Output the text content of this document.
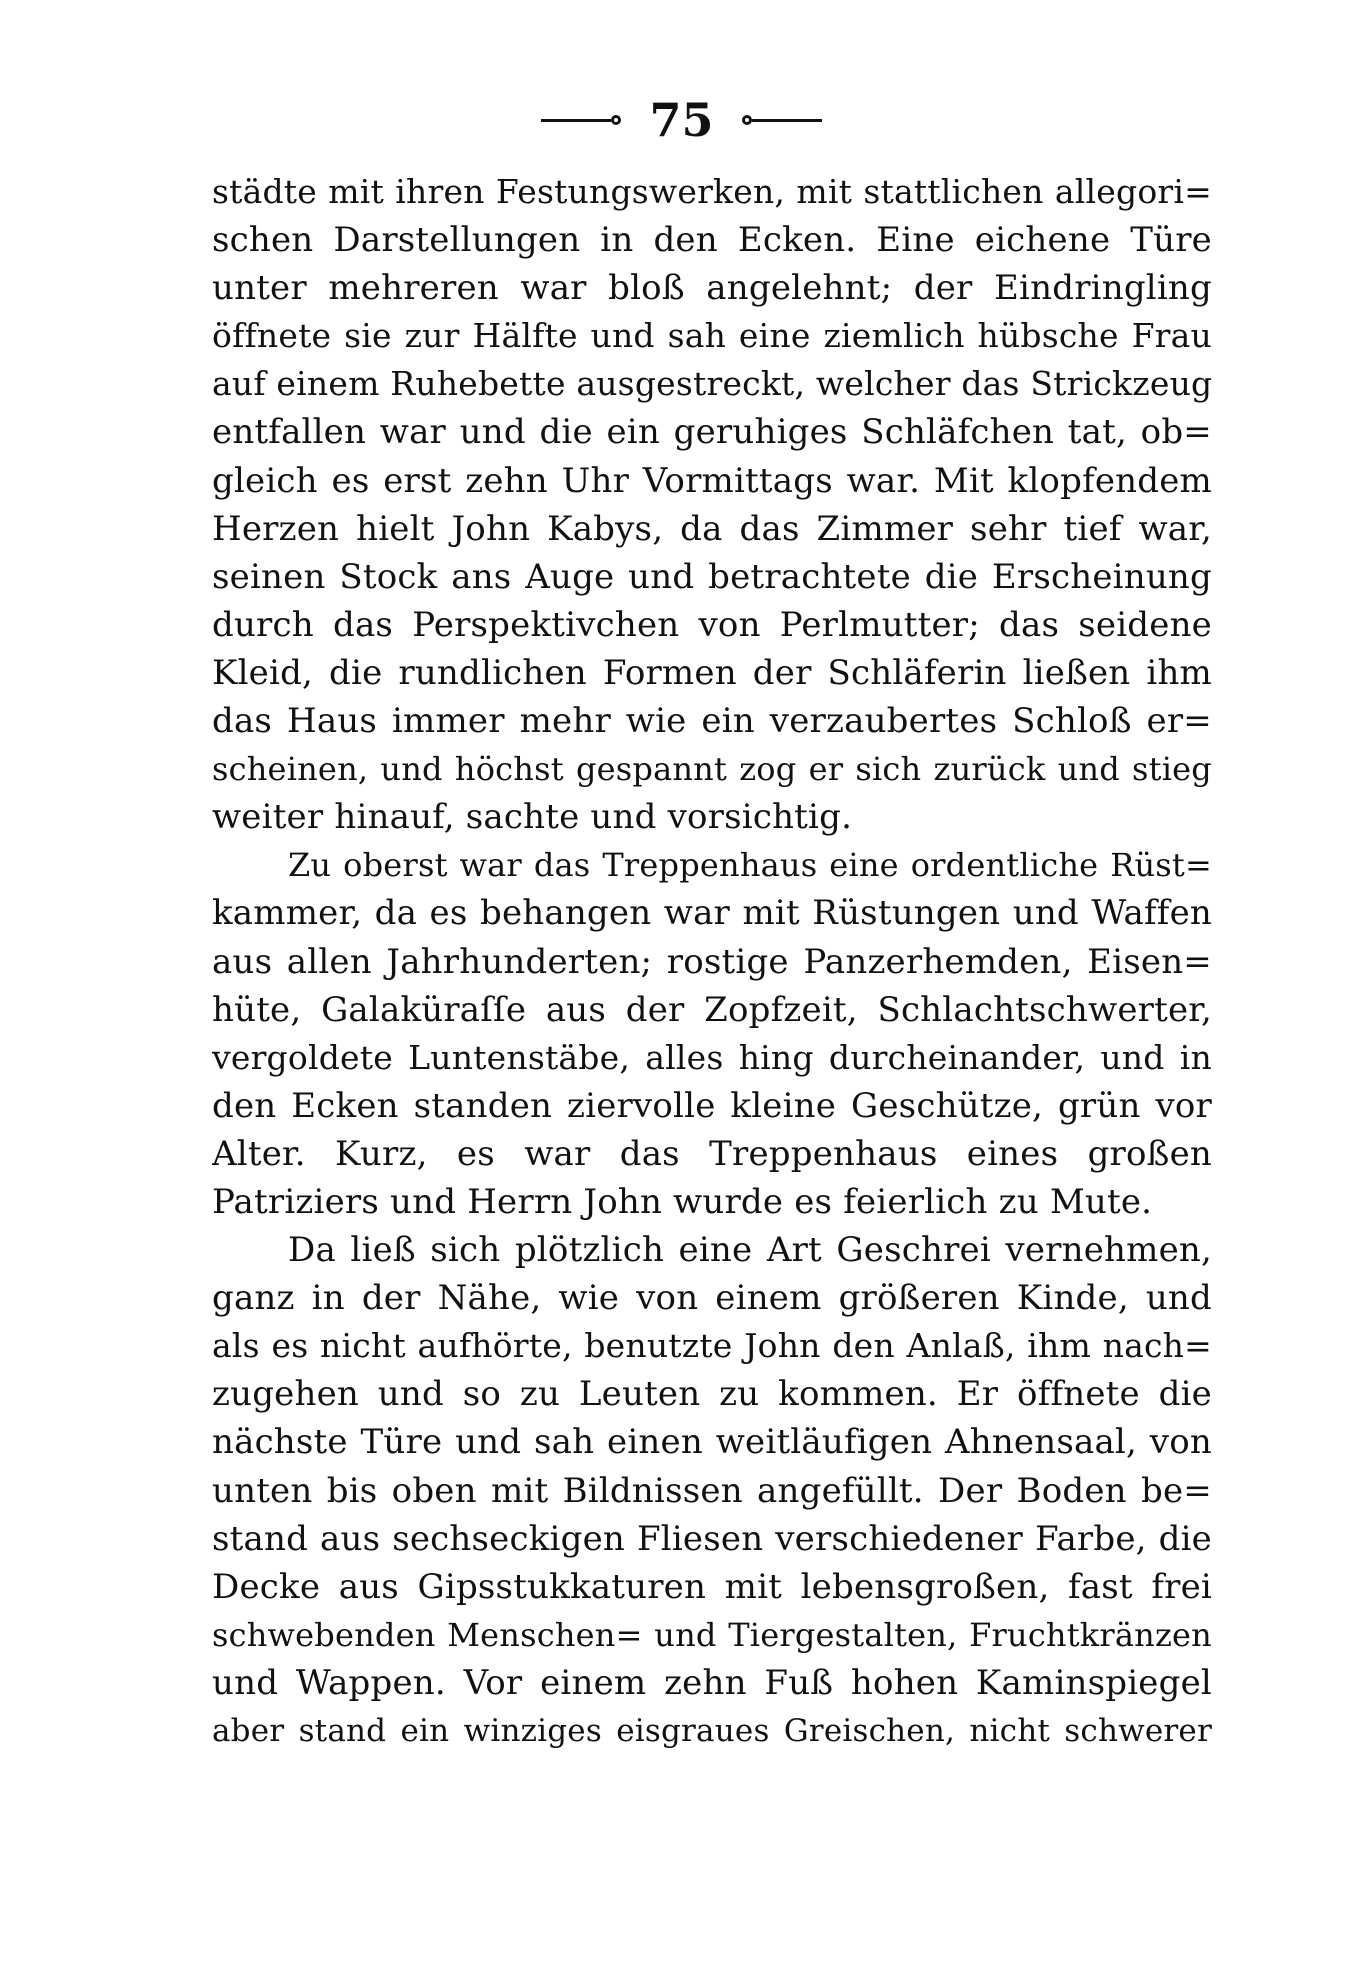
75
städte mit ihren Festungswerken, mit stattlichen allegori=
schen Darstellungen in den Ecken. Eine eichene Türe
unter mehreren war bloß angelehnt; der Eindringling
öffnete sie zur Hälfte und sah eine ziemlich hübsche Frau
auf einem Ruhebette ausgestreckt, welcher das Strickzeug
entfallen war und die ein geruhiges Schläfchen tat, ob=
gleich es erst zehn Uhr Vormittags war. Mit klopfendem
Herzen hielt John Kabys, da das Zimmer sehr tief war,
seinen Stock ans Auge und betrachtete die Erscheinung
durch das Perspektivchen von Perlmutter; das seidene
Kleid, die rundlichen Formen der Schläferin ließen ihm
das Haus immer mehr wie ein verzaubertes Schloß er=
scheinen, und höchst gespannt zog er sich zurück und stieg
weiter hinauf, sachte und vorsichtig.
Zu oberst war das Treppenhaus eine ordentliche Rüst=
kammer, da es behangen war mit Rüstungen und Waffen
aus allen Jahrhunderten; rostige Panzerhemden, Eisen=
hüte, Galaküraſſe aus der Zopfzeit, Schlachtschwerter,
vergoldete Luntenstäbe, alles hing durcheinander, und in
den Ecken standen ziervolle kleine Geschütze, grün vor
Alter. Kurz, es war das Treppenhaus eines großen
Patriziers und Herrn John wurde es feierlich zu Mute.
Da ließ sich plötzlich eine Art Geschrei vernehmen,
ganz in der Nähe, wie von einem größeren Kinde, und
als es nicht aufhörte, benutzte John den Anlaß, ihm nach=
zugehen und so zu Leuten zu kommen. Er öffnete die
nächste Türe und sah einen weitläufigen Ahnensaal, von
unten bis oben mit Bildnissen angefüllt. Der Boden be=
stand aus sechseckigen Fliesen verschiedener Farbe, die
Decke aus Gipsstukkaturen mit lebensgroßen, fast frei
schwebenden Menschen= und Tiergestalten, Fruchtkränzen
und Wappen. Vor einem zehn Fuß hohen Kaminspiegel
aber stand ein winziges eisgraues Greischen, nicht schwerer
